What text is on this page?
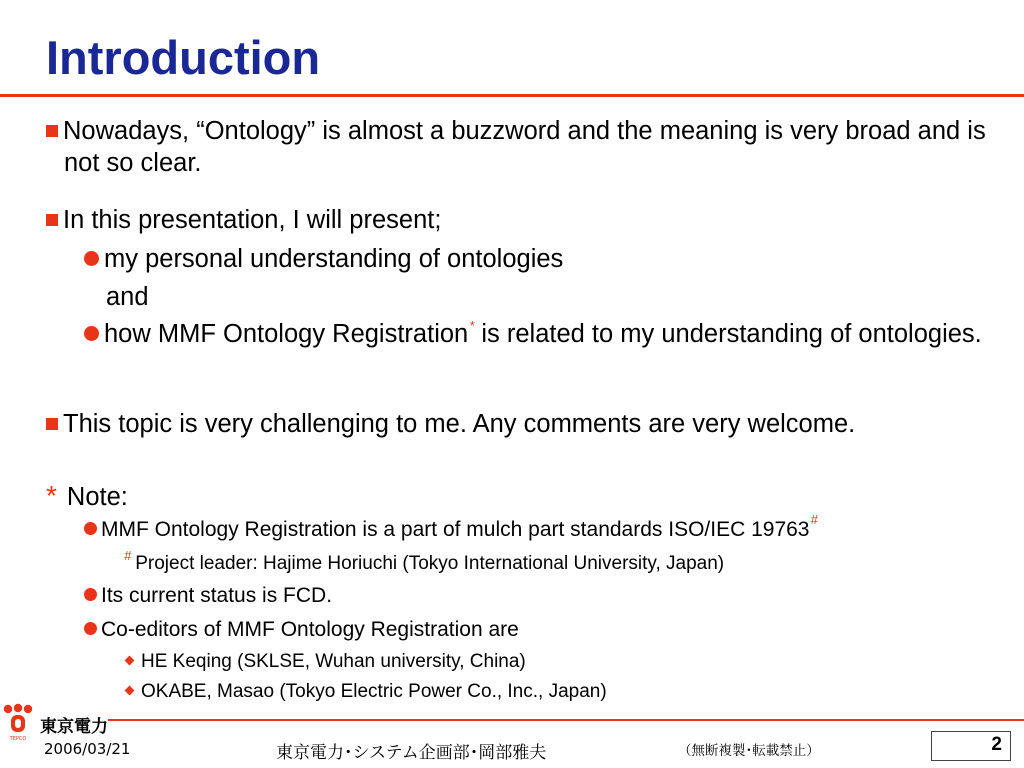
Introduction
Nowadays, “Ontology” is almost a buzzword and the meaning is very broad and is not so clear.
In this presentation, I will present;
my personal understanding of ontologies
and
how MMF Ontology Registration* is related to my understanding of ontologies.
This topic is very challenging to me. Any comments are very welcome.
* Note:
MMF Ontology Registration is a part of mulch part standards ISO/IEC 19763#
# Project leader: Hajime Horiuchi (Tokyo International University, Japan)
Its current status is FCD.
Co-editors of MMF Ontology Registration are
HE Keqing (SKLSE, Wuhan university, China)
OKABE, Masao (Tokyo Electric Power Co., Inc., Japan)
TEPCO
東京電力
2006/03/21	東京電力･システム企画部･岡部雅夫	（無断複製･転載禁止）	2
